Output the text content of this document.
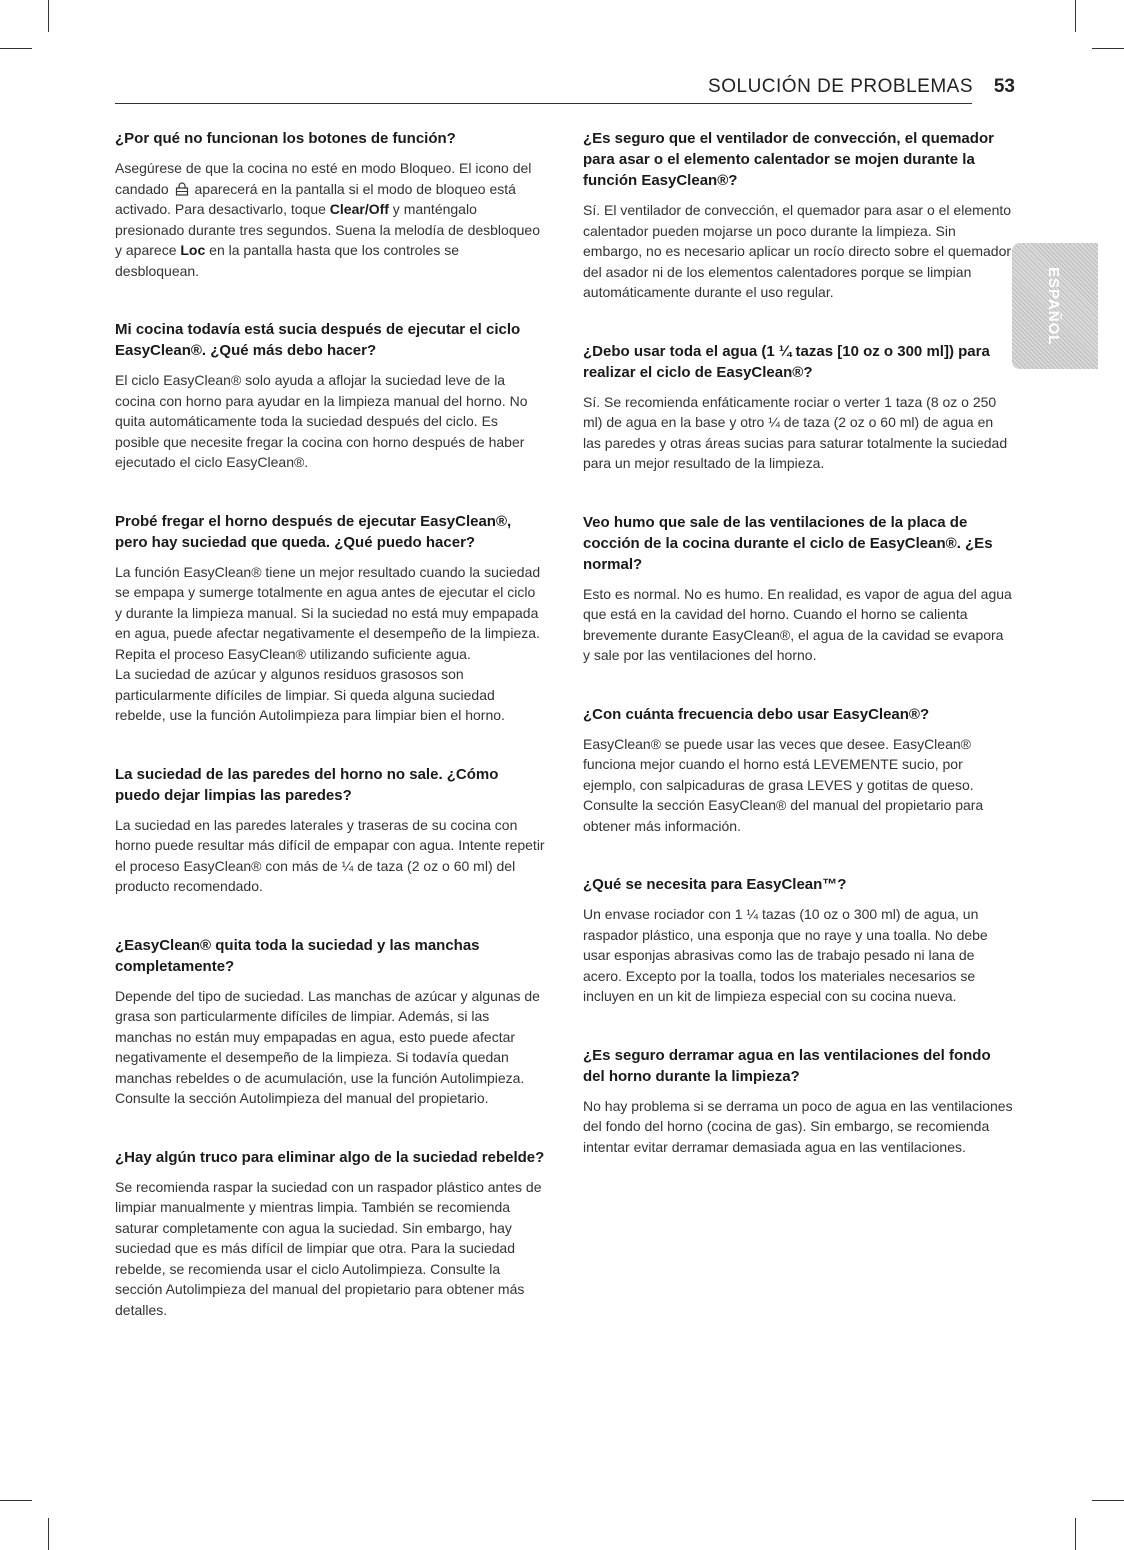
SOLUCIÓN DE PROBLEMAS 53
ESPAÑOL

¿Por qué no funcionan los botones de función?

Asegúrese de que la cocina no esté en modo Bloqueo. El icono del candado  aparecerá en la pantalla si el modo de bloqueo está activado. Para desactivarlo, toque Clear/Off y manténgalo presionado durante tres segundos. Suena la melodía de desbloqueo y aparece Loc en la pantalla hasta que los controles se desbloquean.

Mi cocina todavía está sucia después de ejecutar el ciclo EasyClean®. ¿Qué más debo hacer?

El ciclo EasyClean® solo ayuda a aflojar la suciedad leve de la cocina con horno para ayudar en la limpieza manual del horno. No quita automáticamente toda la suciedad después del ciclo. Es posible que necesite fregar la cocina con horno después de haber ejecutado el ciclo EasyClean®.

Probé fregar el horno después de ejecutar EasyClean®, pero hay suciedad que queda. ¿Qué puedo hacer?

La función EasyClean® tiene un mejor resultado cuando la suciedad se empapa y sumerge totalmente en agua antes de ejecutar el ciclo y durante la limpieza manual. Si la suciedad no está muy empapada en agua, puede afectar negativamente el desempeño de la limpieza. Repita el proceso EasyClean® utilizando suficiente agua.

La suciedad de azúcar y algunos residuos grasosos son particularmente difíciles de limpiar. Si queda alguna suciedad rebelde, use la función Autolimpieza para limpiar bien el horno.

La suciedad de las paredes del horno no sale. ¿Cómo puedo dejar limpias las paredes?

La suciedad en las paredes laterales y traseras de su cocina con horno puede resultar más difícil de empapar con agua. Intente repetir el proceso EasyClean® con más de ¼ de taza (2 oz o 60 ml) del producto recomendado.

¿EasyClean® quita toda la suciedad y las manchas completamente?

Depende del tipo de suciedad. Las manchas de azúcar y algunas de grasa son particularmente difíciles de limpiar. Además, si las manchas no están muy empapadas en agua, esto puede afectar negativamente el desempeño de la limpieza. Si todavía quedan manchas rebeldes o de acumulación, use la función Autolimpieza. Consulte la sección Autolimpieza del manual del propietario.

¿Hay algún truco para eliminar algo de la suciedad rebelde?

Se recomienda raspar la suciedad con un raspador plástico antes de limpiar manualmente y mientras limpia. También se recomienda saturar completamente con agua la suciedad. Sin embargo, hay suciedad que es más difícil de limpiar que otra. Para la suciedad rebelde, se recomienda usar el ciclo Autolimpieza. Consulte la sección Autolimpieza del manual del propietario para obtener más detalles.

¿Es seguro que el ventilador de convección, el quemador para asar o el elemento calentador se mojen durante la función EasyClean®?

Sí. El ventilador de convección, el quemador para asar o el elemento calentador pueden mojarse un poco durante la limpieza. Sin embargo, no es necesario aplicar un rocío directo sobre el quemador del asador ni de los elementos calentadores porque se limpian automáticamente durante el uso regular.

¿Debo usar toda el agua (1 ¼ tazas [10 oz o 300 ml]) para realizar el ciclo de EasyClean®?

Sí. Se recomienda enfáticamente rociar o verter 1 taza (8 oz o 250 ml) de agua en la base y otro ¼ de taza (2 oz o 60 ml) de agua en las paredes y otras áreas sucias para saturar totalmente la suciedad para un mejor resultado de la limpieza.

Veo humo que sale de las ventilaciones de la placa de cocción de la cocina durante el ciclo de EasyClean®. ¿Es normal?

Esto es normal. No es humo. En realidad, es vapor de agua del agua que está en la cavidad del horno. Cuando el horno se calienta brevemente durante EasyClean®, el agua de la cavidad se evapora y sale por las ventilaciones del horno.

¿Con cuánta frecuencia debo usar EasyClean®?

EasyClean® se puede usar las veces que desee. EasyClean® funciona mejor cuando el horno está LEVEMENTE sucio, por ejemplo, con salpicaduras de grasa LEVES y gotitas de queso. Consulte la sección EasyClean® del manual del propietario para obtener más información.

¿Qué se necesita para EasyClean™?

Un envase rociador con 1 ¼ tazas (10 oz o 300 ml) de agua, un raspador plástico, una esponja que no raye y una toalla. No debe usar esponjas abrasivas como las de trabajo pesado ni lana de acero. Excepto por la toalla, todos los materiales necesarios se incluyen en un kit de limpieza especial con su cocina nueva.

¿Es seguro derramar agua en las ventilaciones del fondo del horno durante la limpieza?

No hay problema si se derrama un poco de agua en las ventilaciones del fondo del horno (cocina de gas). Sin embargo, se recomienda intentar evitar derramar demasiada agua en las ventilaciones.
